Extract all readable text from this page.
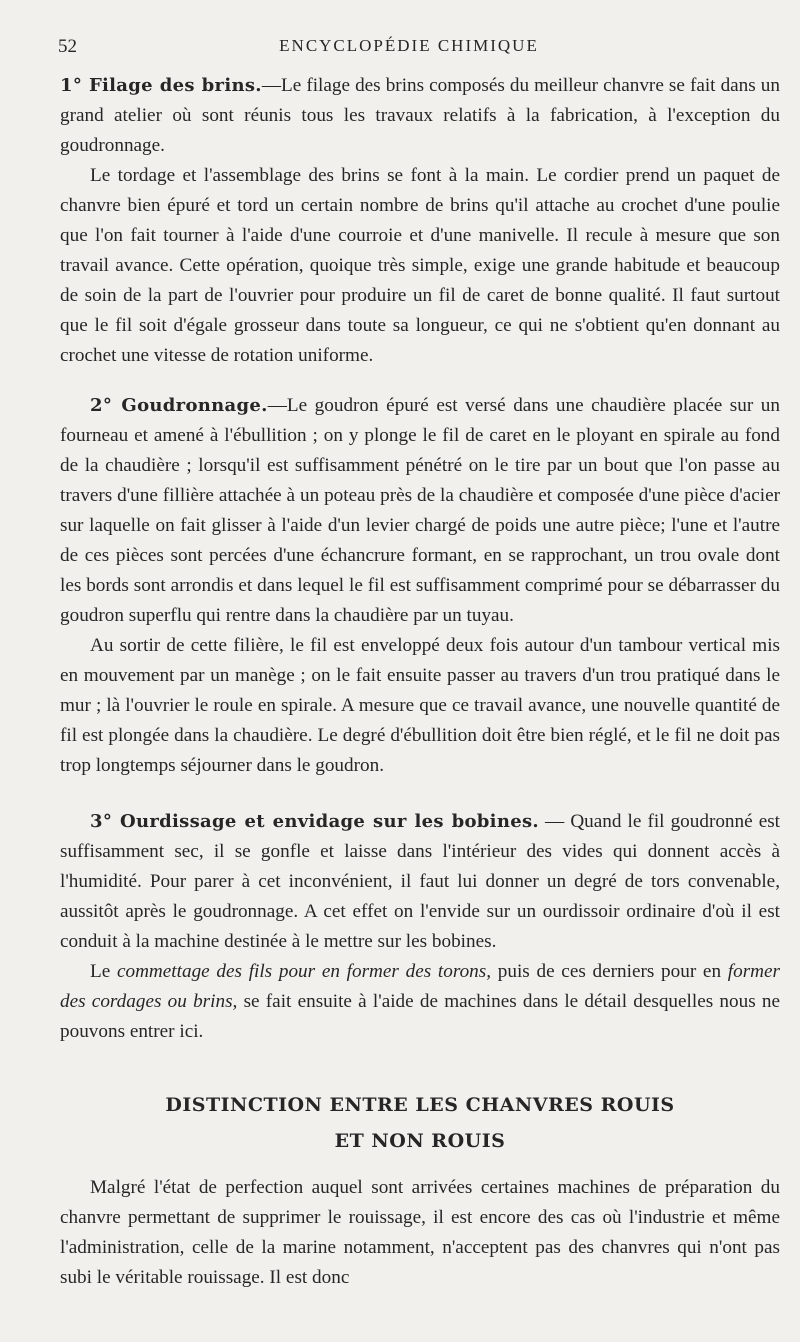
52	ENCYCLOPÉDIE CHIMIQUE

1° Filage des brins.—Le filage des brins composés du meilleur chanvre se fait dans un grand atelier où sont réunis tous les travaux relatifs à la fabrication, à l'exception du goudronnage.

Le tordage et l'assemblage des brins se font à la main. Le cordier prend un paquet de chanvre bien épuré et tord un certain nombre de brins qu'il attache au crochet d'une poulie que l'on fait tourner à l'aide d'une courroie et d'une manivelle. Il recule à mesure que son travail avance. Cette opération, quoique très simple, exige une grande habitude et beaucoup de soin de la part de l'ouvrier pour produire un fil de caret de bonne qualité. Il faut surtout que le fil soit d'égale grosseur dans toute sa longueur, ce qui ne s'obtient qu'en donnant au crochet une vitesse de rotation uniforme.

2° Goudronnage.—Le goudron épuré est versé dans une chaudière placée sur un fourneau et amené à l'ébullition ; on y plonge le fil de caret en le ployant en spirale au fond de la chaudière ; lorsqu'il est suffisamment pénétré on le tire par un bout que l'on passe au travers d'une fillière attachée à un poteau près de la chaudière et composée d'une pièce d'acier sur laquelle on fait glisser à l'aide d'un levier chargé de poids une autre pièce; l'une et l'autre de ces pièces sont percées d'une échancrure formant, en se rapprochant, un trou ovale dont les bords sont arrondis et dans lequel le fil est suffisamment comprimé pour se débarrasser du goudron superflu qui rentre dans la chaudière par un tuyau.

Au sortir de cette filière, le fil est enveloppé deux fois autour d'un tambour vertical mis en mouvement par un manège ; on le fait ensuite passer au travers d'un trou pratiqué dans le mur ; là l'ouvrier le roule en spirale. A mesure que ce travail avance, une nouvelle quantité de fil est plongée dans la chaudière. Le degré d'ébullition doit être bien réglé, et le fil ne doit pas trop longtemps séjourner dans le goudron.

3° Ourdissage et envidage sur les bobines. — Quand le fil goudronné est suffisamment sec, il se gonfle et laisse dans l'intérieur des vides qui donnent accès à l'humidité. Pour parer à cet inconvénient, il faut lui donner un degré de tors convenable, aussitôt après le goudronnage. A cet effet on l'envide sur un ourdissoir ordinaire d'où il est conduit à la machine destinée à le mettre sur les bobines.

Le commettage des fils pour en former des torons, puis de ces derniers pour en former des cordages ou brins, se fait ensuite à l'aide de machines dans le détail desquelles nous ne pouvons entrer ici.

DISTINCTION ENTRE LES CHANVRES ROUIS
ET NON ROUIS

Malgré l'état de perfection auquel sont arrivées certaines machines de préparation du chanvre permettant de supprimer le rouissage, il est encore des cas où l'industrie et même l'administration, celle de la marine notamment, n'acceptent pas des chanvres qui n'ont pas subi le véritable rouissage. Il est donc
